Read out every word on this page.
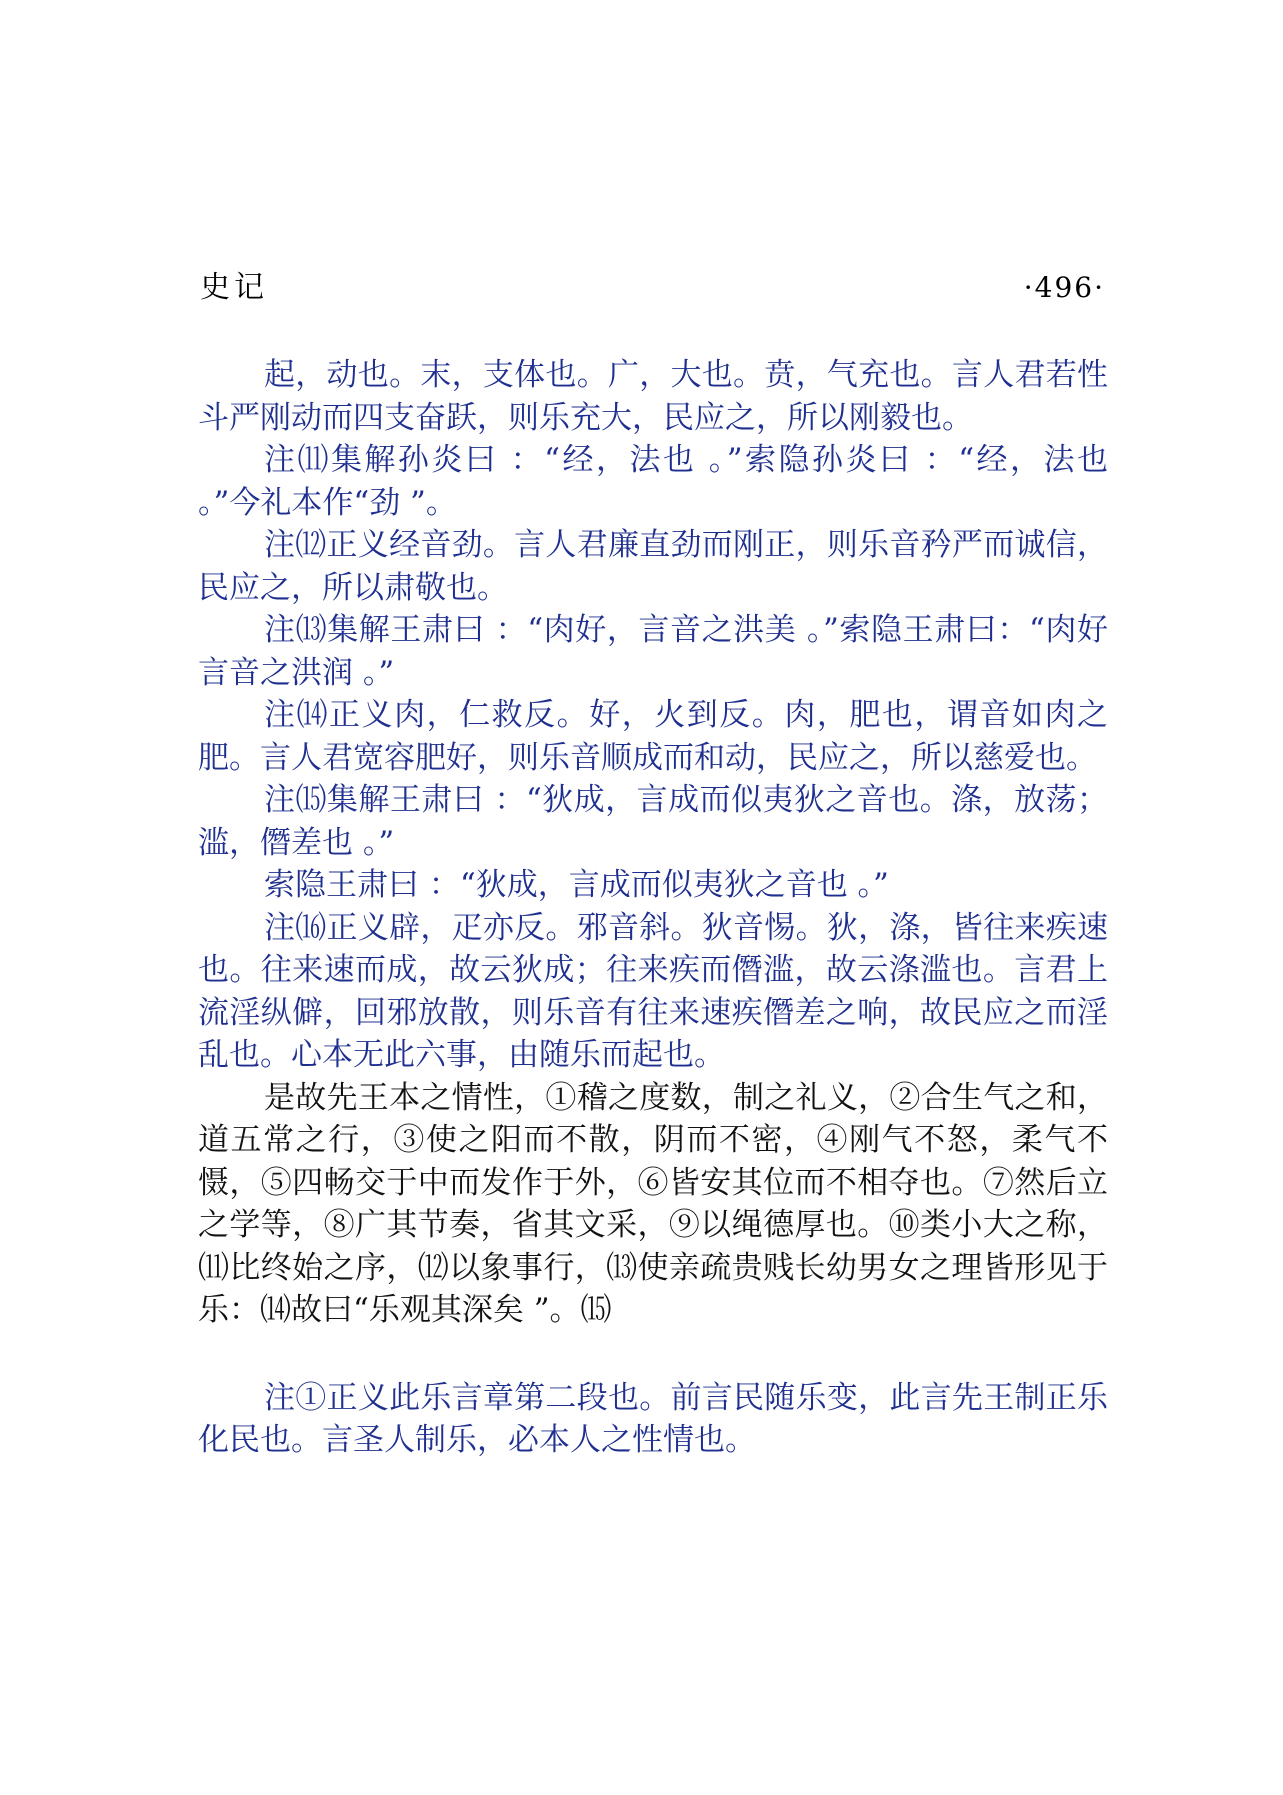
史记	·496·

起，动也。末，支体也。广，大也。贲，气充也。言人君若性斗严刚动而四支奋跃，则乐充大，民应之，所以刚毅也。

注⑾集解孙炎曰 ：“经，法也 。”索隐孙炎曰 ：“经，法也 。”今礼本作“劲 ”。

注⑿正义经音劲。言人君廉直劲而刚正，则乐音矜严而诚信，民应之，所以肃敬也。

注⒀集解王肃曰 ：“肉好，言音之洪美 。”索隐王肃曰：“肉好言音之洪润 。”

注⒁正义肉，仁救反。好，火到反。肉，肥也，谓音如肉之肥。言人君宽容肥好，则乐音顺成而和动，民应之，所以慈爱也。

注⒂集解王肃曰 ：“狄成，言成而似夷狄之音也。涤，放荡；滥，僭差也 。”

索隐王肃曰 ：“狄成，言成而似夷狄之音也 。”

注⒃正义辟，疋亦反。邪音斜。狄音惕。狄，涤，皆往来疾速也。往来速而成，故云狄成；往来疾而僭滥，故云涤滥也。言君上流淫纵僻，回邪放散，则乐音有往来速疾僭差之响，故民应之而淫乱也。心本无此六事，由随乐而起也。

是故先王本之情性，①稽之度数，制之礼义，②合生气之和，道五常之行，③使之阳而不散，阴而不密，④刚气不怒，柔气不慑，⑤四畅交于中而发作于外，⑥皆安其位而不相夺也。⑦然后立之学等，⑧广其节奏，省其文采，⑨以绳德厚也。⑩类小大之称，⑾比终始之序，⑿以象事行，⒀使亲疏贵贱长幼男女之理皆形见于乐：⒁故曰“乐观其深矣 ”。⒂

注①正义此乐言章第二段也。前言民随乐变，此言先王制正乐化民也。言圣人制乐，必本人之性情也。
